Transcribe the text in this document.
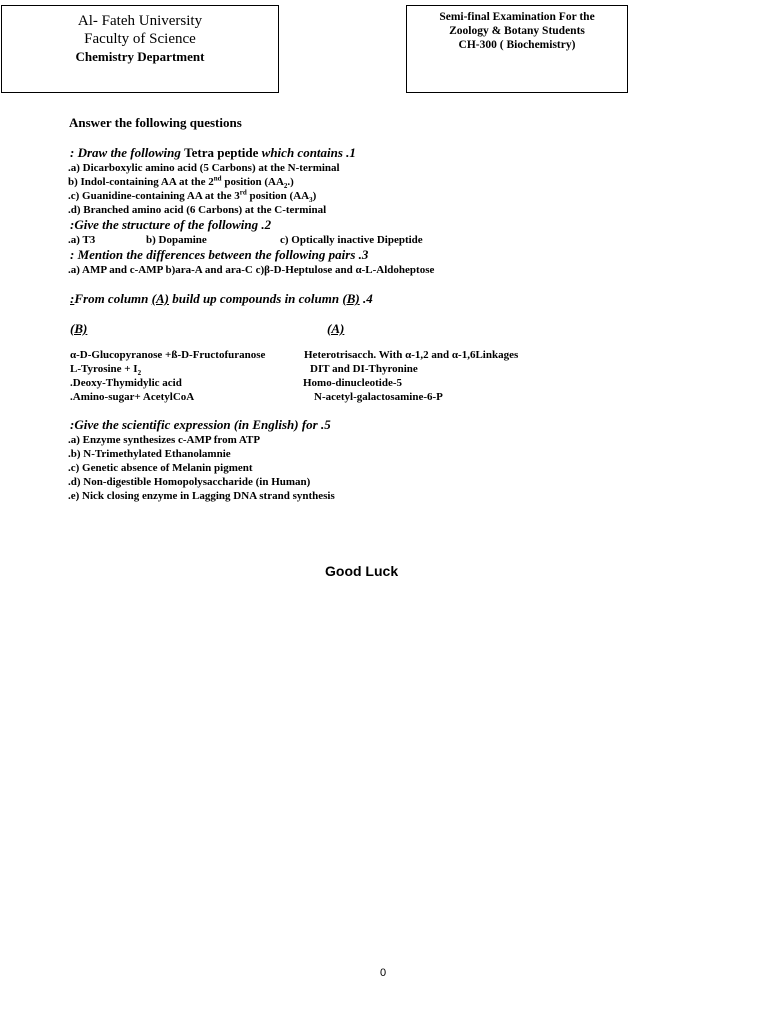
Al- Fateh University
Faculty of Science
Chemistry Department
Semi-final Examination For the
Zoology & Botany Students
CH-300 ( Biochemistry)
Answer the following questions
: Draw the following Tetra peptide which contains .1
.a) Dicarboxylic amino acid (5 Carbons) at the N-terminal
b) Indol-containing AA at the 2nd position $(AA_2.)$
.c) Guanidine-containing AA at the 3rd position $(AA_3)$
.d) Branched amino acid (6 Carbons) at the C-terminal
:Give the structure of the following .2
.a) T3	b) Dopamine	c) Optically inactive Dipeptide
: Mention the differences between the following pairs .3
.a) AMP and c-AMP b)ara-A and ara-C c)β-D-Heptulose and α-L-Aldoheptose
:From column (A) build up compounds in column (B) .4
(B)	(A)
α-D-Glucopyranose +ß-D-Fructofuranose	Heterotrisacch. With α-1,2 and α-1,6Linkages
L-Tyrosine + $I_2$	DIT and DI-Thyronine
.Deoxy-Thymidylic acid	Homo-dinucleotide-5
.Amino-sugar+ AcetylCoA	N-acetyl-galactosamine-6-P
:Give the scientific expression (in English) for .5
.a) Enzyme synthesizes c-AMP from ATP
.b) N-Trimethylated Ethanolamnie
.c) Genetic absence of Melanin pigment
.d) Non-digestible Homopolysaccharide (in Human)
.e) Nick closing enzyme in Lagging DNA strand synthesis
Good Luck
0
